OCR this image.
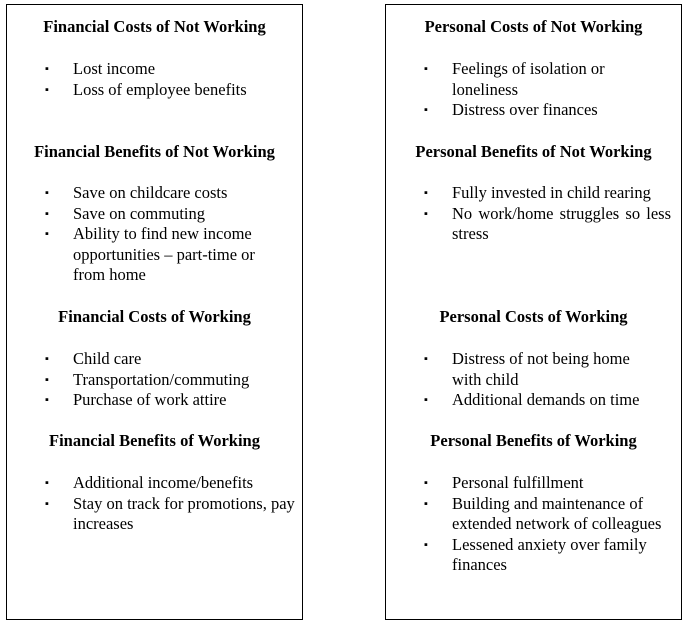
Financial Costs of Not Working
▪ Lost income
▪ Loss of employee benefits
Financial Benefits of Not Working
▪ Save on childcare costs
▪ Save on commuting
▪ Ability to find new income opportunities – part-time or from home
Financial Costs of Working
▪ Child care
▪ Transportation/commuting
▪ Purchase of work attire
Financial Benefits of Working
▪ Additional income/benefits
▪ Stay on track for promotions, pay increases
Personal Costs of Not Working
▪ Feelings of isolation or loneliness
▪ Distress over finances
Personal Benefits of Not Working
▪ Fully invested in child rearing
▪ No work/home struggles so less stress
Personal Costs of Working
▪ Distress of not being home with child
▪ Additional demands on time
Personal Benefits of Working
▪ Personal fulfillment
▪ Building and maintenance of extended network of colleagues
▪ Lessened anxiety over family finances
